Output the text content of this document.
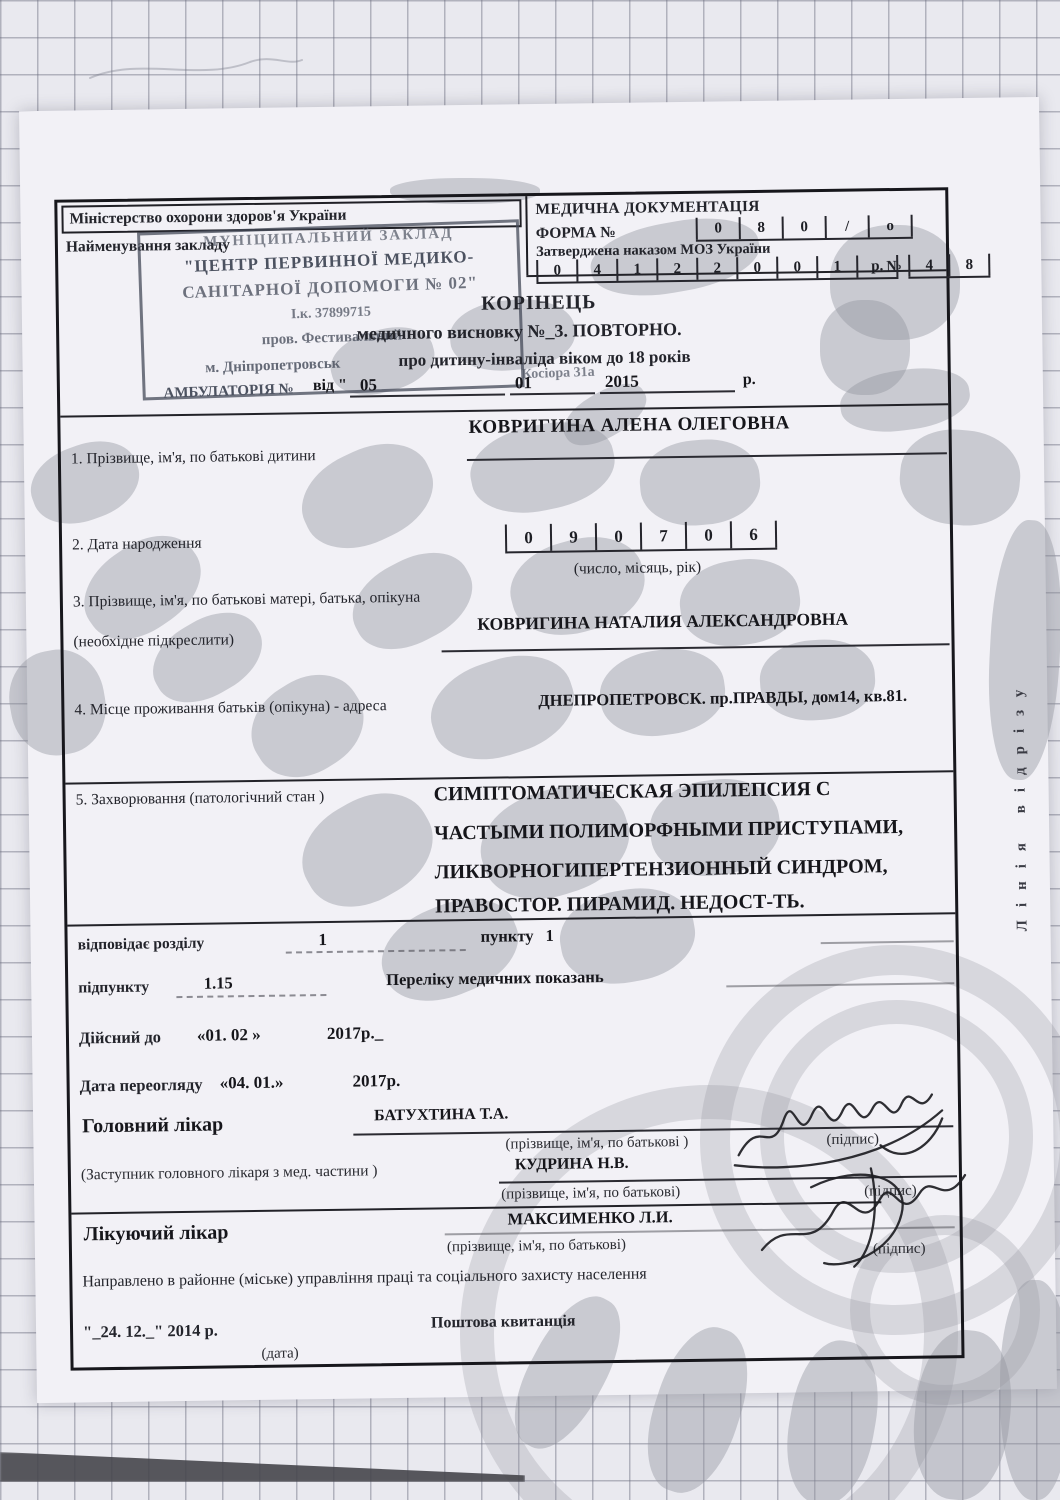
Лінія відрізу
Міністерство охорони здоров'я України
Найменування закладу
МЕДИЧНА ДОКУМЕНТАЦІЯ
ФОРМА №	0	8	0	/	о
Затверджена наказом МОЗ України
0	4	1	2	2	0	0	1	р. №	4	8
МУНІЦИПАЛЬНИЙ ЗАКЛАД
"ЦЕНТР ПЕРВИННОЇ МЕДИКО-
САНІТАРНОЇ ДОПОМОГИ № 02"
І.к. 37899715
пров. Фестивальний
м. Дніпропетровськ
АМБУЛАТОРІЯ №
Косіора 31а
КОРІНЕЦЬ
медичного висновку №_3. ПОВТОРНО.
про дитину-інваліда віком до 18 років
від " 05	01	2015	р.
КОВРИГИНА АЛЕНА ОЛЕГОВНА
1. Прізвище, ім'я, по батькові дитини
2. Дата народження	0	9	0	7	0	6
(число, місяць, рік)
3. Прізвище, ім'я, по батькові матері, батька, опікуна
КОВРИГИНА НАТАЛИЯ АЛЕКСАНДРОВНА
(необхідне підкреслити)
4. Місце проживання батьків (опікуна) - адреса	ДНЕПРОПЕТРОВСК. пр.ПРАВДЫ, дом14, кв.81.
5. Захворювання (патологічний стан )	СИМПТОМАТИЧЕСКАЯ ЭПИЛЕПСИЯ С
ЧАСТЫМИ ПОЛИМОРФНЫМИ ПРИСТУПАМИ,
ЛИКВОРНОГИПЕРТЕНЗИОННЫЙ СИНДРОМ,
ПРАВОСТОР. ПИРАМИД. НЕДОСТ-ТЬ.
відповідає розділу	1	пункту 1
підпункту	1.15	Переліку медичних показань
Дійсний до «01. 02 »	2017р._
Дата переогляду «04. 01.»	2017р.
Головний лікар	БАТУХТИНА Т.А.
(прізвище, ім'я, по батькові )	(підпис)
(Заступник головного лікаря з мед. частини )	КУДРИНА Н.В.
(прізвище, ім'я, по батькові)	(підпис)
Лікуючий лікар
МАКСИМЕНКО Л.И.
(прізвище, ім'я, по батькові)	(підпис)
Направлено в районне (міське) управління праці та соціального захисту населення
"_24. 12._" 2014 р.
(дата)
Поштова квитанція
